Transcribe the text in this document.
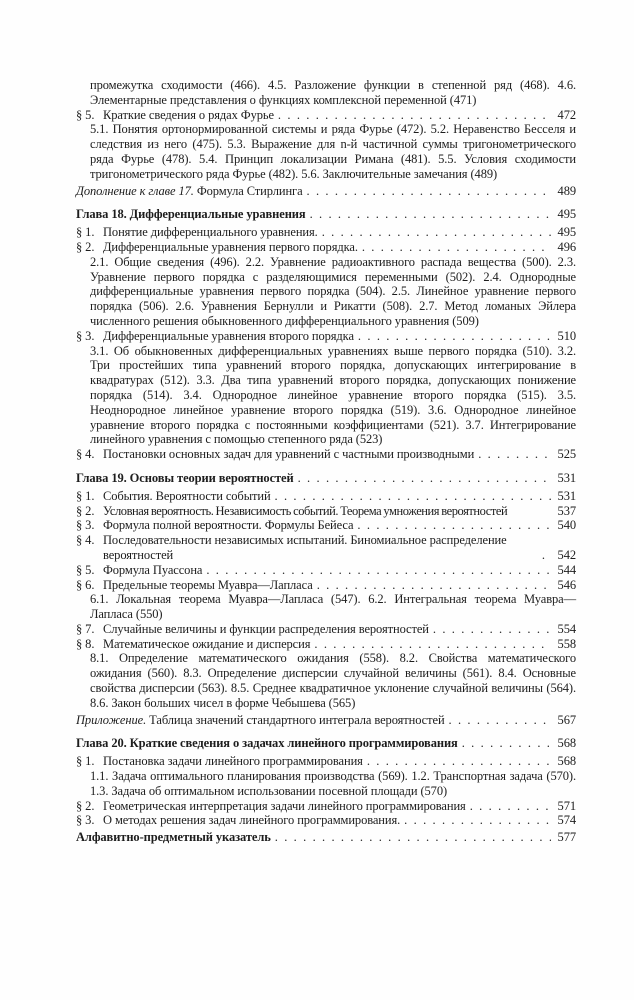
промежутка сходимости (466). 4.5. Разложение функции в степенной ряд (468). 4.6. Элементарные представления о функциях комплексной переменной (471)

§ 5. Краткие сведения о рядах Фурье . . .	472

5.1. Понятия ортонормированной системы и ряда Фурье (472). 5.2. Неравенство Бесселя и следствия из него (475). 5.3. Выражение для n-й частичной суммы тригонометрического ряда Фурье (478). 5.4. Принцип локализации Римана (481). 5.5. Условия сходимости тригонометрического ряда Фурье (482). 5.6. Заключительные замечания (489)

Дополнение к главе 17. Формула Стирлинга . . .	489
Глава 18. Дифференциальные уравнения . . .	495
§ 1. Понятие дифференциального уравнения. . . .	495
§ 2. Дифференциальные уравнения первого порядка. . . .	496

2.1. Общие сведения (496). 2.2. Уравнение радиоактивного распада вещества (500). 2.3. Уравнение первого порядка с разделяющимися переменными (502). 2.4. Однородные дифференциальные уравнения первого порядка (504). 2.5. Линейное уравнение первого порядка (506). 2.6. Уравнения Бернулли и Рикатти (508). 2.7. Метод ломаных Эйлера численного решения обыкновенного дифференциального уравнения (509)

§ 3. Дифференциальные уравнения второго порядка . . .	510

3.1. Об обыкновенных дифференциальных уравнениях выше первого порядка (510). 3.2. Три простейших типа уравнений второго порядка, допускающих интегрирование в квадратурах (512). 3.3. Два типа уравнений второго порядка, допускающих понижение порядка (514). 3.4. Однородное линейное уравнение второго порядка (515). 3.5. Неоднородное линейное уравнение второго порядка (519). 3.6. Однородное линейное уравнение второго порядка с постоянными коэффициентами (521). 3.7. Интегрирование линейного уравнения с помощью степенного ряда (523)

§ 4. Постановки основных задач для уравнений с частными производными . . .	525
Глава 19. Основы теории вероятностей . . .	531
§ 1. События. Вероятности событий . . .	531
§ 2. Условная вероятность. Независимость событий. Теорема умножения вероятностей	537
§ 3. Формула полной вероятности. Формулы Бейеса . . .	540
§ 4. Последовательности независимых испытаний. Биномиальное распределение вероятностей . . .	542
§ 5. Формула Пуассона . . .	544
§ 6. Предельные теоремы Муавра—Лапласа . . .	546

6.1. Локальная теорема Муавра—Лапласа (547). 6.2. Интегральная теорема Муавра—Лапласа (550)

§ 7. Случайные величины и функции распределения вероятностей . . .	554
§ 8. Математическое ожидание и дисперсия . . .	558

8.1. Определение математического ожидания (558). 8.2. Свойства математического ожидания (560). 8.3. Определение дисперсии случайной величины (561). 8.4. Основные свойства дисперсии (563). 8.5. Среднее квадратичное уклонение случайной величины (564). 8.6. Закон больших чисел в форме Чебышева (565)

Приложение. Таблица значений стандартного интеграла вероятностей . . .	567
Глава 20. Краткие сведения о задачах линейного программирования . . .	568
§ 1. Постановка задачи линейного программирования . . .	568

1.1. Задача оптимального планирования производства (569). 1.2. Транспортная задача (570). 1.3. Задача об оптимальном использовании посевной площади (570)

§ 2. Геометрическая интерпретация задачи линейного программирования . . .	571
§ 3. О методах решения задач линейного программирования. . . .	574
Алфавитно-предметный указатель . . .	577
